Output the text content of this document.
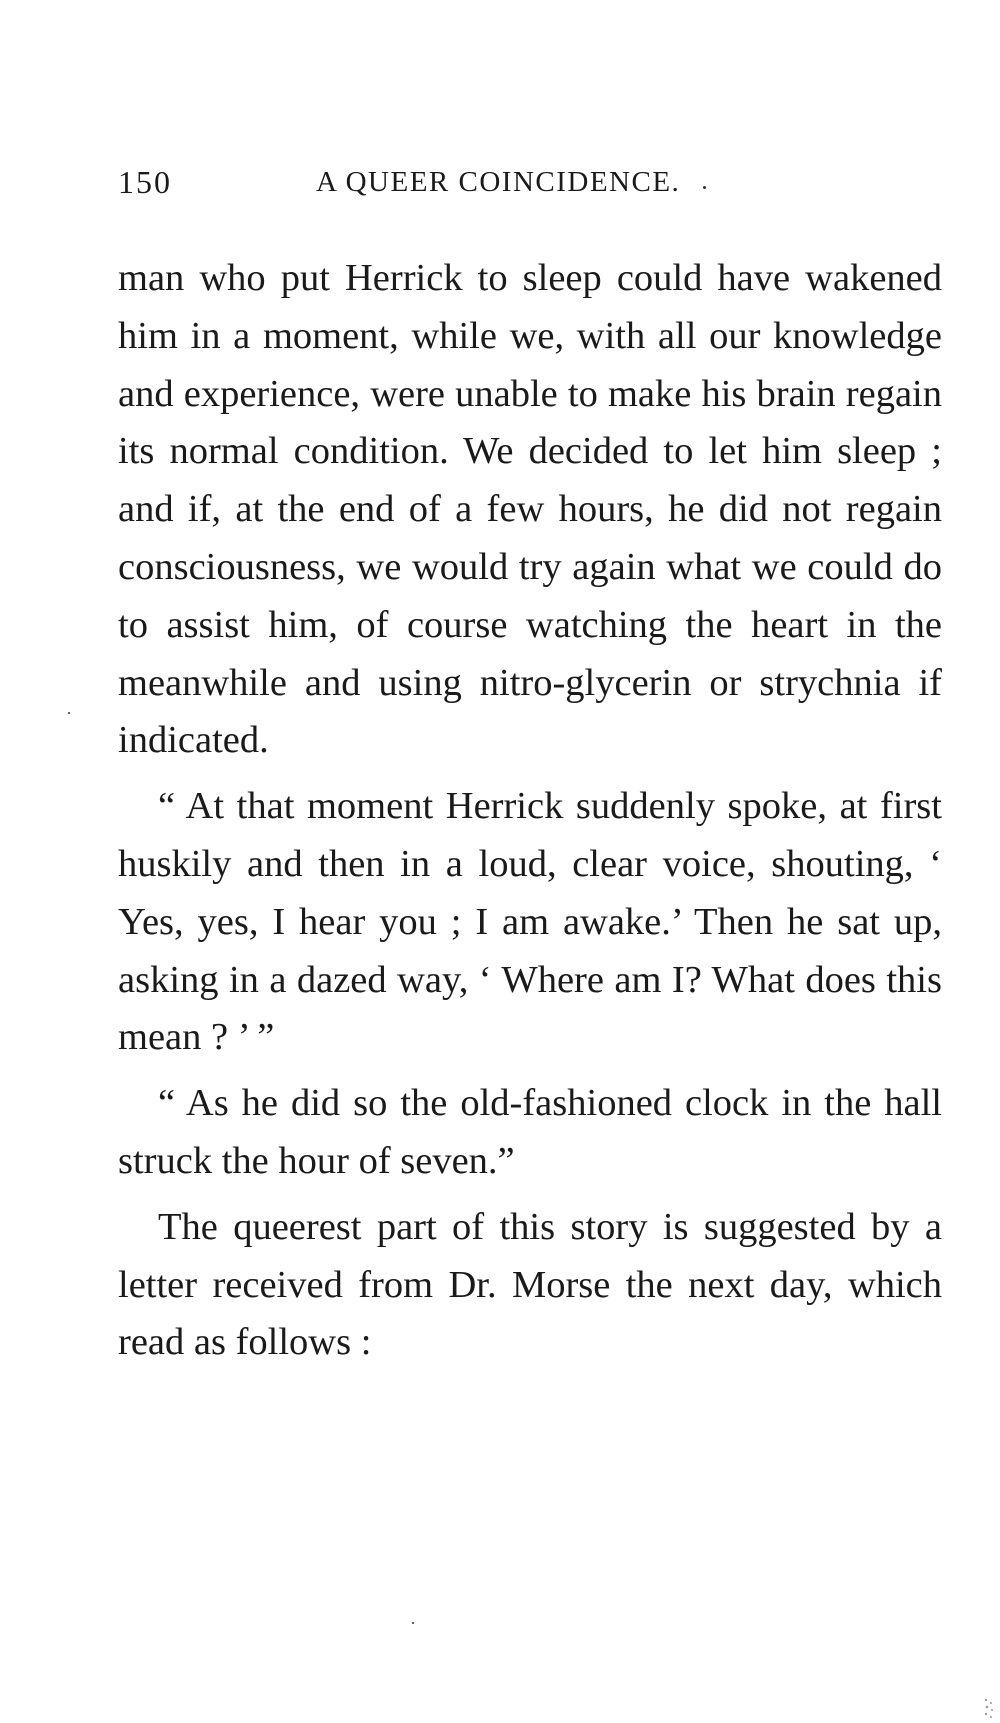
150	A QUEER COINCIDENCE.

man who put Herrick to sleep could have wakened him in a moment, while we, with all our knowledge and experience, were unable to make his brain regain its normal condition. We decided to let him sleep ; and if, at the end of a few hours, he did not regain consciousness, we would try again what we could do to assist him, of course watching the heart in the meanwhile and using nitro-glycerin or strychnia if indicated.

“ At that moment Herrick suddenly spoke, at first huskily and then in a loud, clear voice, shouting, ‘ Yes, yes, I hear you ; I am awake.’ Then he sat up, asking in a dazed way, ‘ Where am I? What does this mean ? ’ ”

“ As he did so the old-fashioned clock in the hall struck the hour of seven.”

The queerest part of this story is suggested by a letter received from Dr. Morse the next day, which read as follows :
